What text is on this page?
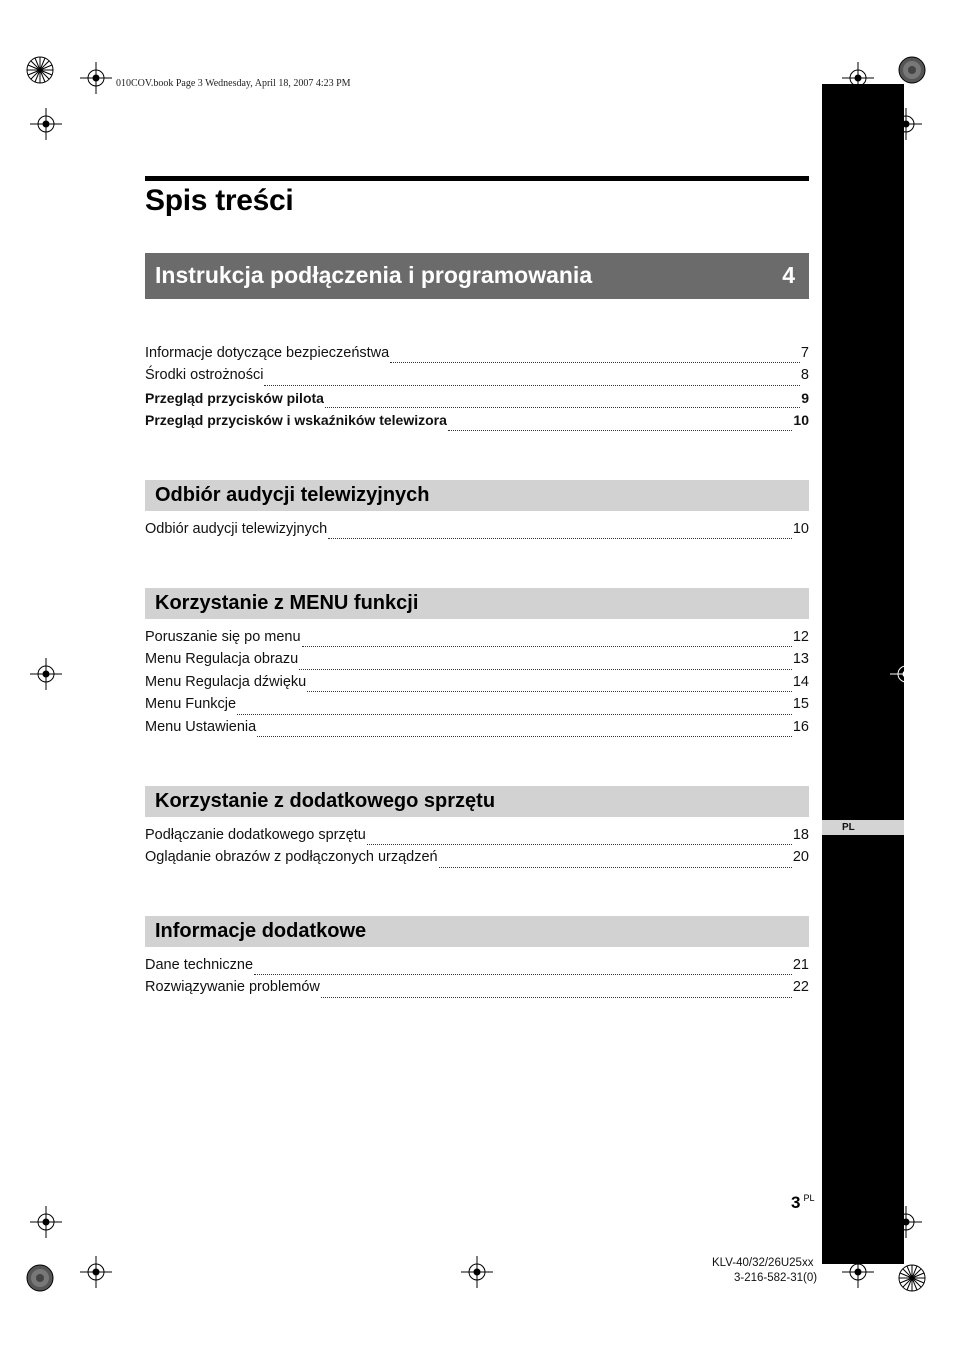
010COV.book Page 3 Wednesday, April 18, 2007 4:23 PM
PL
Spis treści
Instrukcja podłączenia i programowania	4
Informacje dotyczące bezpieczeństwa	7
Środki ostrożności	8
Przegląd przycisków pilota	9
Przegląd przycisków i wskaźników telewizora	10
Odbiór audycji telewizyjnych
Odbiór audycji telewizyjnych	10
Korzystanie z MENU funkcji
Poruszanie się po menu	12
Menu Regulacja obrazu	13
Menu Regulacja dźwięku	14
Menu Funkcje	15
Menu Ustawienia	16
Korzystanie z dodatkowego sprzętu
Podłączanie dodatkowego sprzętu	18
Oglądanie obrazów z podłączonych urządzeń	20
Informacje dodatkowe
Dane techniczne	21
Rozwiązywanie problemów	22
3 $^{PL}$
KLV-40/32/26U25xx
3-216-582-31(0)
